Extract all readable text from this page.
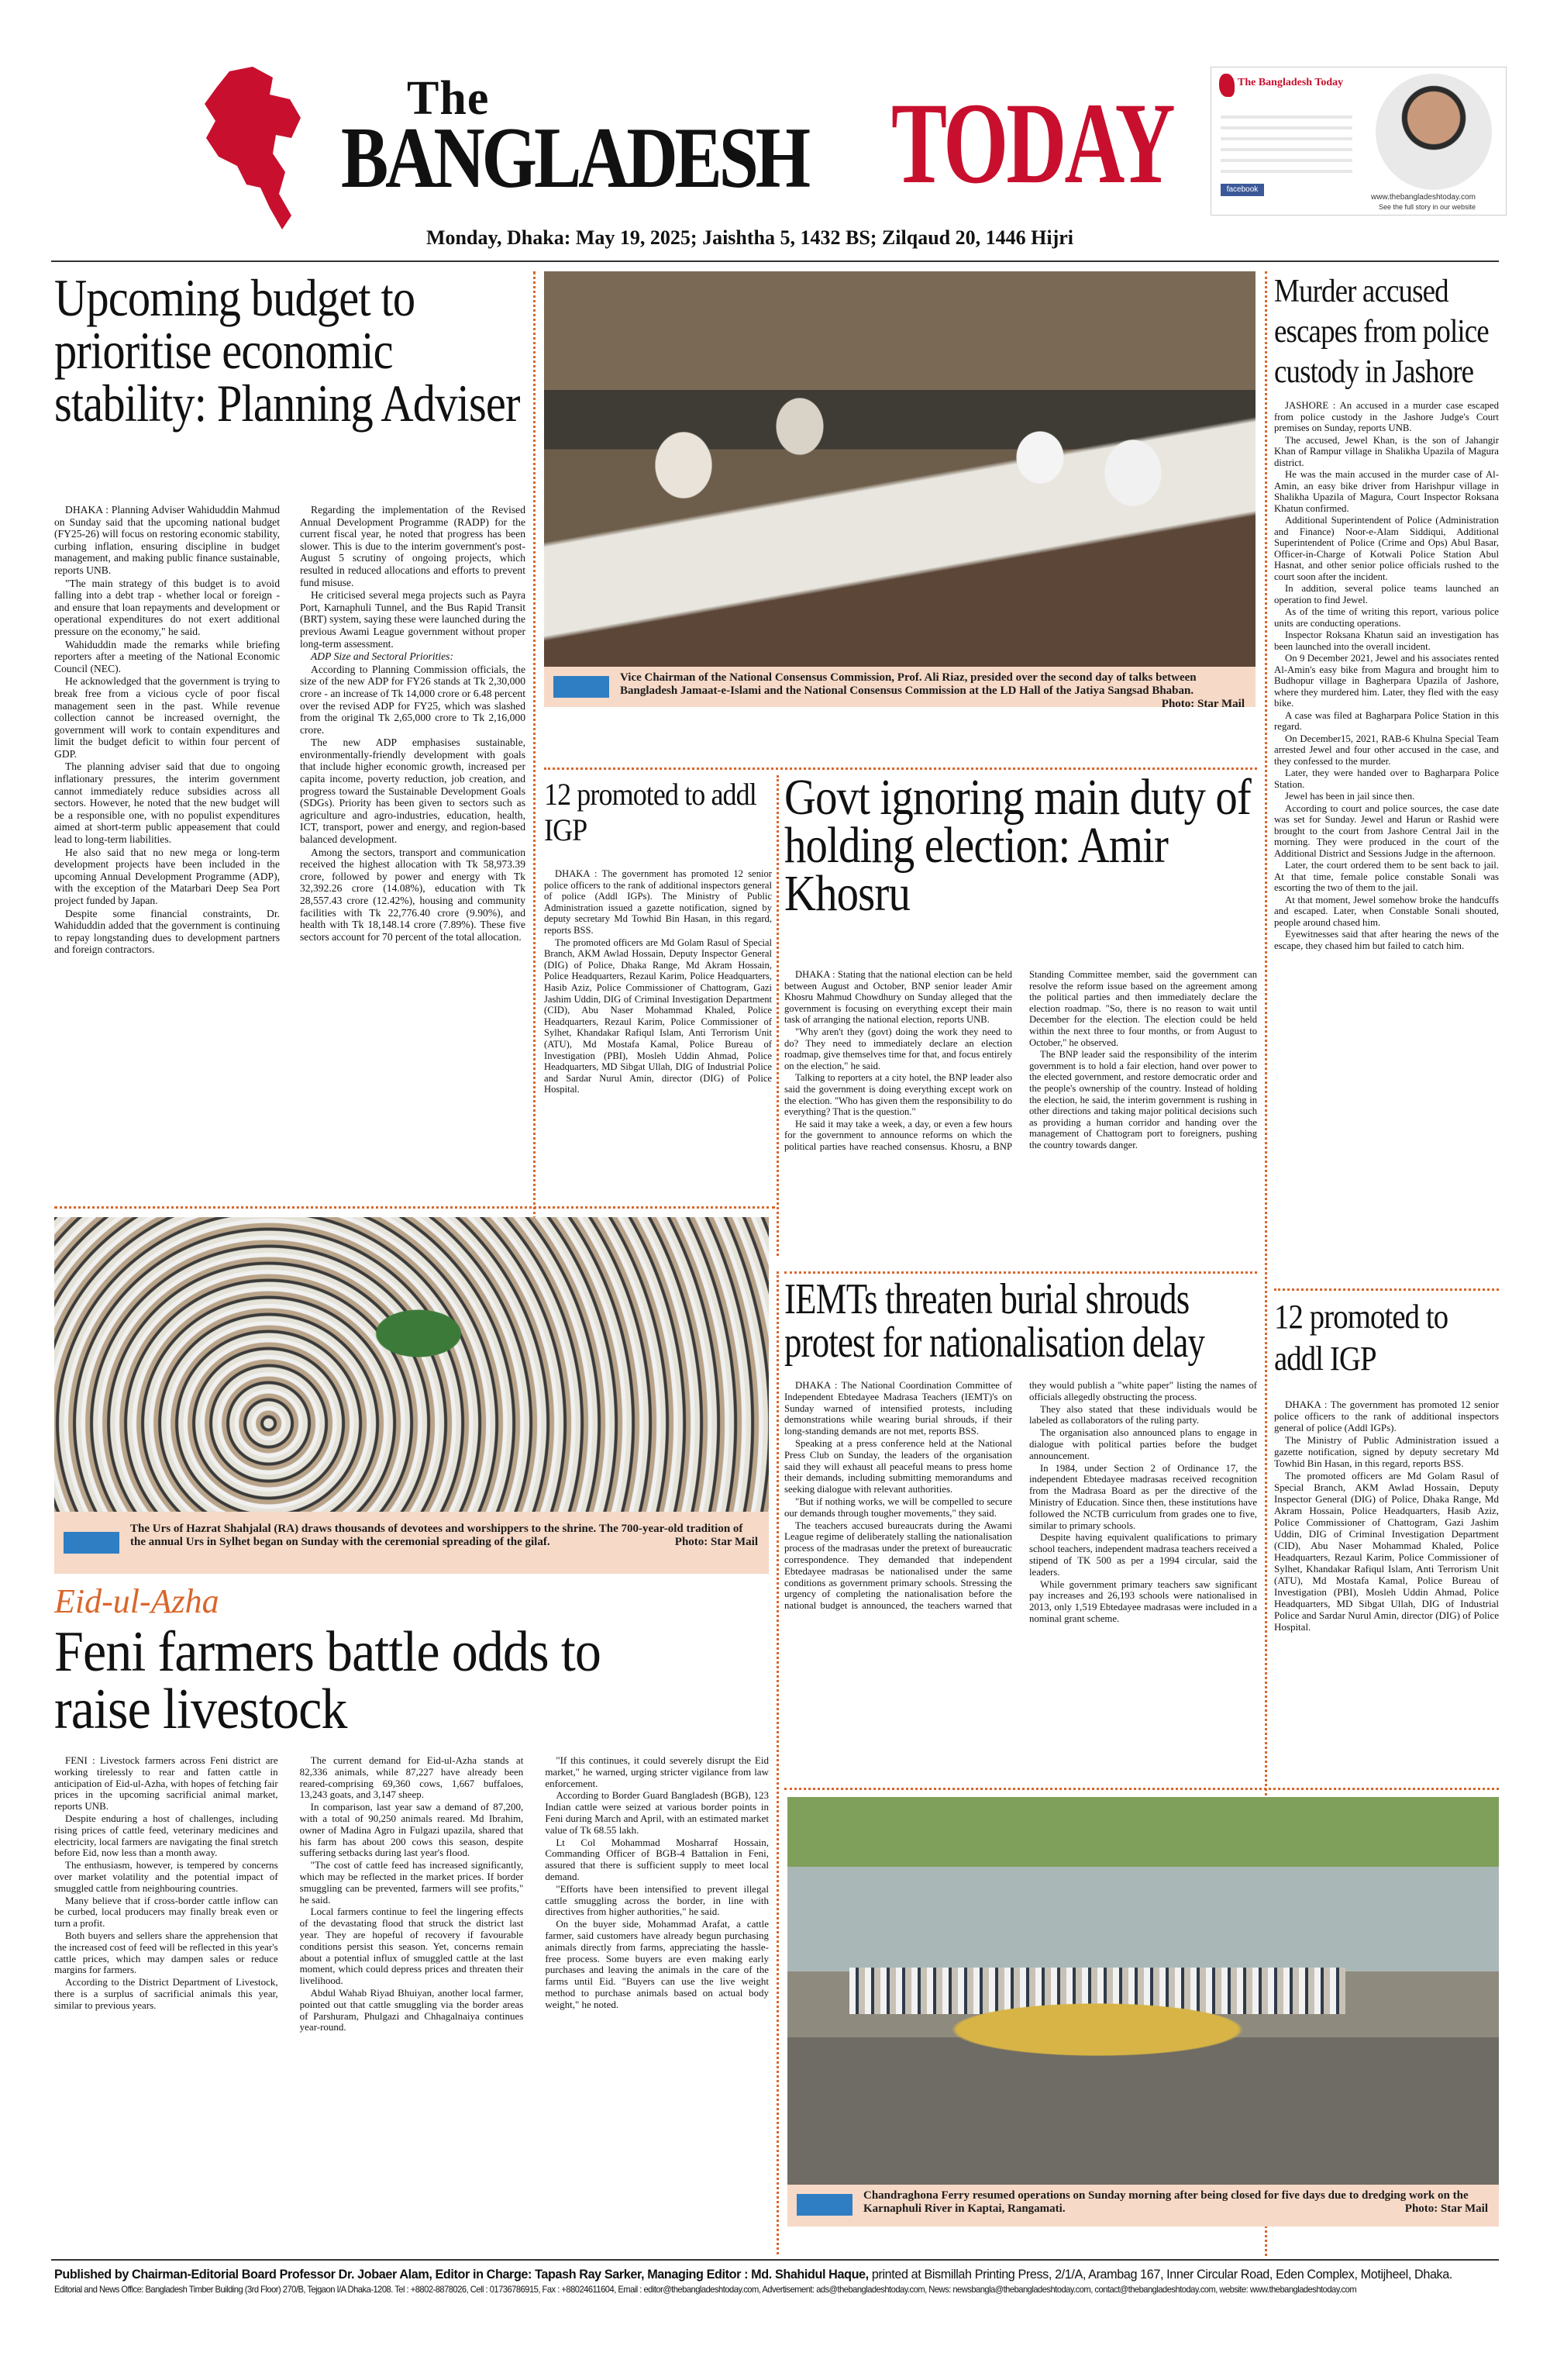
The
BANGLADESH TODAY
Monday, Dhaka: May 19, 2025; Jaishtha 5, 1432 BS; Zilqaud 20, 1446 Hijri
The Bangladesh Today
facebook
www.thebangladeshtoday.com
See the full story in our website
Upcoming budget to prioritise economic stability: Planning Adviser

DHAKA : Planning Adviser Wahiduddin Mahmud on Sunday said that the upcoming national budget (FY25-26) will focus on restoring economic stability, curbing inflation, ensuring discipline in budget management, and making public finance sustainable, reports UNB.

"The main strategy of this budget is to avoid falling into a debt trap - whether local or foreign - and ensure that loan repayments and development or operational expenditures do not exert additional pressure on the economy," he said.

Wahiduddin made the remarks while briefing reporters after a meeting of the National Economic Council (NEC).

He acknowledged that the government is trying to break free from a vicious cycle of poor fiscal management seen in the past. While revenue collection cannot be increased overnight, the government will work to contain expenditures and limit the budget deficit to within four percent of GDP.

The planning adviser said that due to ongoing inflationary pressures, the interim government cannot immediately reduce subsidies across all sectors. However, he noted that the new budget will be a responsible one, with no populist expenditures aimed at short-term public appeasement that could lead to long-term liabilities.

He also said that no new mega or long-term development projects have been included in the upcoming Annual Development Programme (ADP), with the exception of the Matarbari Deep Sea Port project funded by Japan.

Despite some financial constraints, Dr. Wahiduddin added that the government is continuing to repay longstanding dues to development partners and foreign contractors.

Regarding the implementation of the Revised Annual Development Programme (RADP) for the current fiscal year, he noted that progress has been slower. This is due to the interim government's post-August 5 scrutiny of ongoing projects, which resulted in reduced allocations and efforts to prevent fund misuse.

He criticised several mega projects such as Payra Port, Karnaphuli Tunnel, and the Bus Rapid Transit (BRT) system, saying these were launched during the previous Awami League government without proper long-term assessment.

ADP Size and Sectoral Priorities:

According to Planning Commission officials, the size of the new ADP for FY26 stands at Tk 2,30,000 crore - an increase of Tk 14,000 crore or 6.48 percent over the revised ADP for FY25, which was slashed from the original Tk 2,65,000 crore to Tk 2,16,000 crore.

The new ADP emphasises sustainable, environmentally-friendly development with goals that include higher economic growth, increased per capita income, poverty reduction, job creation, and progress toward the Sustainable Development Goals (SDGs). Priority has been given to sectors such as agriculture and agro-industries, education, health, ICT, transport, power and energy, and region-based balanced development.

Among the sectors, transport and communication received the highest allocation with Tk 58,973.39 crore, followed by power and energy with Tk 32,392.26 crore (14.08%), education with Tk 28,557.43 crore (12.42%), housing and community facilities with Tk 22,776.40 crore (9.90%), and health with Tk 18,148.14 crore (7.89%). These five sectors account for 70 percent of the total allocation.

Vice Chairman of the National Consensus Commission, Prof. Ali Riaz, presided over the second day of talks between Bangladesh Jamaat-e-Islami and the National Consensus Commission at the LD Hall of the Jatiya Sangsad Bhaban.
Photo: Star Mail
12 promoted to addl IGP

DHAKA : The government has promoted 12 senior police officers to the rank of additional inspectors general of police (Addl IGPs). The Ministry of Public Administration issued a gazette notification, signed by deputy secretary Md Towhid Bin Hasan, in this regard, reports BSS.

The promoted officers are Md Golam Rasul of Special Branch, AKM Awlad Hossain, Deputy Inspector General (DIG) of Police, Dhaka Range, Md Akram Hossain, Police Headquarters, Rezaul Karim, Police Headquarters, Hasib Aziz, Police Commissioner of Chattogram, Gazi Jashim Uddin, DIG of Criminal Investigation Department (CID), Abu Naser Mohammad Khaled, Police Headquarters, Rezaul Karim, Police Commissioner of Sylhet, Khandakar Rafiqul Islam, Anti Terrorism Unit (ATU), Md Mostafa Kamal, Police Bureau of Investigation (PBI), Mosleh Uddin Ahmad, Police Headquarters, MD Sibgat Ullah, DIG of Industrial Police and Sardar Nurul Amin, director (DIG) of Police Hospital.

Govt ignoring main duty of holding election: Amir Khosru

DHAKA : Stating that the national election can be held between August and October, BNP senior leader Amir Khosru Mahmud Chowdhury on Sunday alleged that the government is focusing on everything except their main task of arranging the national election, reports UNB.

"Why aren't they (govt) doing the work they need to do? They need to immediately declare an election roadmap, give themselves time for that, and focus entirely on the election," he said.

Talking to reporters at a city hotel, the BNP leader also said the government is doing everything except work on the election. "Who has given them the responsibility to do everything? That is the question."

He said it may take a week, a day, or even a few hours for the government to announce reforms on which the political parties have reached consensus. Khosru, a BNP Standing Committee member, said the government can resolve the reform issue based on the agreement among the political parties and then immediately declare the election roadmap. "So, there is no reason to wait until December for the election. The election could be held within the next three to four months, or from August to October," he observed.

The BNP leader said the responsibility of the interim government is to hold a fair election, hand over power to the elected government, and restore democratic order and the people's ownership of the country. Instead of holding the election, he said, the interim government is rushing in other directions and taking major political decisions such as providing a human corridor and handing over the management of Chattogram port to foreigners, pushing the country towards danger.

Murder accused escapes from police custody in Jashore

JASHORE : An accused in a murder case escaped from police custody in the Jashore Judge's Court premises on Sunday, reports UNB.

The accused, Jewel Khan, is the son of Jahangir Khan of Rampur village in Shalikha Upazila of Magura district.

He was the main accused in the murder case of Al-Amin, an easy bike driver from Harishpur village in Shalikha Upazila of Magura, Court Inspector Roksana Khatun confirmed.

Additional Superintendent of Police (Administration and Finance) Noor-e-Alam Siddiqui, Additional Superintendent of Police (Crime and Ops) Abul Basar, Officer-in-Charge of Kotwali Police Station Abul Hasnat, and other senior police officials rushed to the court soon after the incident.

In addition, several police teams launched an operation to find Jewel.

As of the time of writing this report, various police units are conducting operations.

Inspector Roksana Khatun said an investigation has been launched into the overall incident.

On 9 December 2021, Jewel and his associates rented Al-Amin's easy bike from Magura and brought him to Budhopur village in Bagherpara Upazila of Jashore, where they murdered him. Later, they fled with the easy bike.

A case was filed at Bagharpara Police Station in this regard.

On December15, 2021, RAB-6 Khulna Special Team arrested Jewel and four other accused in the case, and they confessed to the murder.

Later, they were handed over to Bagharpara Police Station.

Jewel has been in jail since then.

According to court and police sources, the case date was set for Sunday. Jewel and Harun or Rashid were brought to the court from Jashore Central Jail in the morning. They were produced in the court of the Additional District and Sessions Judge in the afternoon.

Later, the court ordered them to be sent back to jail. At that time, female police constable Sonali was escorting the two of them to the jail.

At that moment, Jewel somehow broke the handcuffs and escaped. Later, when Constable Sonali shouted, people around chased him.

Eyewitnesses said that after hearing the news of the escape, they chased him but failed to catch him.

12 promoted to addl IGP

DHAKA : The government has promoted 12 senior police officers to the rank of additional inspectors general of police (Addl IGPs).

The Ministry of Public Administration issued a gazette notification, signed by deputy secretary Md Towhid Bin Hasan, in this regard, reports BSS.

The promoted officers are Md Golam Rasul of Special Branch, AKM Awlad Hossain, Deputy Inspector General (DIG) of Police, Dhaka Range, Md Akram Hossain, Police Headquarters, Hasib Aziz, Police Commissioner of Chattogram, Gazi Jashim Uddin, DIG of Criminal Investigation Department (CID), Abu Naser Mohammad Khaled, Police Headquarters, Rezaul Karim, Police Commissioner of Sylhet, Khandakar Rafiqul Islam, Anti Terrorism Unit (ATU), Md Mostafa Kamal, Police Bureau of Investigation (PBI), Mosleh Uddin Ahmad, Police Headquarters, MD Sibgat Ullah, DIG of Industrial Police and Sardar Nurul Amin, director (DIG) of Police Hospital.

The Urs of Hazrat Shahjalal (RA) draws thousands of devotees and worshippers to the shrine. The 700-year-old tradition of the annual Urs in Sylhet began on Sunday with the ceremonial spreading of the gilaf.	Photo: Star Mail
IEMTs threaten burial shrouds protest for nationalisation delay

DHAKA : The National Coordination Committee of Independent Ebtedayee Madrasa Teachers (IEMT)'s on Sunday warned of intensified protests, including demonstrations while wearing burial shrouds, if their long-standing demands are not met, reports BSS.

Speaking at a press conference held at the National Press Club on Sunday, the leaders of the organisation said they will exhaust all peaceful means to press home their demands, including submitting memorandums and seeking dialogue with relevant authorities.

"But if nothing works, we will be compelled to secure our demands through tougher movements," they said.

The teachers accused bureaucrats during the Awami League regime of deliberately stalling the nationalisation process of the madrasas under the pretext of bureaucratic correspondence. They demanded that independent Ebtedayee madrasas be nationalised under the same conditions as government primary schools. Stressing the urgency of completing the nationalisation before the national budget is announced, the teachers warned that they would publish a "white paper" listing the names of officials allegedly obstructing the process.

They also stated that these individuals would be labeled as collaborators of the ruling party.

The organisation also announced plans to engage in dialogue with political parties before the budget announcement.

In 1984, under Section 2 of Ordinance 17, the independent Ebtedayee madrasas received recognition from the Madrasa Board as per the directive of the Ministry of Education. Since then, these institutions have followed the NCTB curriculum from grades one to five, similar to primary schools.

Despite having equivalent qualifications to primary school teachers, independent madrasa teachers received a stipend of TK 500 as per a 1994 circular, said the leaders.

While government primary teachers saw significant pay increases and 26,193 schools were nationalised in 2013, only 1,519 Ebtedayee madrasas were included in a nominal grant scheme.

Eid-ul-Azha
Feni farmers battle odds to raise livestock

FENI : Livestock farmers across Feni district are working tirelessly to rear and fatten cattle in anticipation of Eid-ul-Azha, with hopes of fetching fair prices in the upcoming sacrificial animal market, reports UNB.

Despite enduring a host of challenges, including rising prices of cattle feed, veterinary medicines and electricity, local farmers are navigating the final stretch before Eid, now less than a month away.

The enthusiasm, however, is tempered by concerns over market volatility and the potential impact of smuggled cattle from neighbouring countries.

Many believe that if cross-border cattle inflow can be curbed, local producers may finally break even or turn a profit.

Both buyers and sellers share the apprehension that the increased cost of feed will be reflected in this year's cattle prices, which may dampen sales or reduce margins for farmers.

According to the District Department of Livestock, there is a surplus of sacrificial animals this year, similar to previous years.

The current demand for Eid-ul-Azha stands at 82,336 animals, while 87,227 have already been reared-comprising 69,360 cows, 1,667 buffaloes, 13,243 goats, and 3,147 sheep.

In comparison, last year saw a demand of 87,200, with a total of 90,250 animals reared. Md Ibrahim, owner of Madina Agro in Fulgazi upazila, shared that his farm has about 200 cows this season, despite suffering setbacks during last year's flood.

"The cost of cattle feed has increased significantly, which may be reflected in the market prices. If border smuggling can be prevented, farmers will see profits," he said.

Local farmers continue to feel the lingering effects of the devastating flood that struck the district last year. They are hopeful of recovery if favourable conditions persist this season. Yet, concerns remain about a potential influx of smuggled cattle at the last moment, which could depress prices and threaten their livelihood.

Abdul Wahab Riyad Bhuiyan, another local farmer, pointed out that cattle smuggling via the border areas of Parshuram, Phulgazi and Chhagalnaiya continues year-round.

"If this continues, it could severely disrupt the Eid market," he warned, urging stricter vigilance from law enforcement.

According to Border Guard Bangladesh (BGB), 123 Indian cattle were seized at various border points in Feni during March and April, with an estimated market value of Tk 68.55 lakh.

Lt Col Mohammad Mosharraf Hossain, Commanding Officer of BGB-4 Battalion in Feni, assured that there is sufficient supply to meet local demand.

"Efforts have been intensified to prevent illegal cattle smuggling across the border, in line with directives from higher authorities," he said.

On the buyer side, Mohammad Arafat, a cattle farmer, said customers have already begun purchasing animals directly from farms, appreciating the hassle-free process. Some buyers are even making early purchases and leaving the animals in the care of the farms until Eid. "Buyers can use the live weight method to purchase animals based on actual body weight," he noted.

Chandraghona Ferry resumed operations on Sunday morning after being closed for five days due to dredging work on the Karnaphuli River in Kaptai, Rangamati.	Photo: Star Mail
Published by Chairman-Editorial Board Professor Dr. Jobaer Alam, Editor in Charge: Tapash Ray Sarker, Managing Editor : Md. Shahidul Haque, printed at Bismillah Printing Press, 2/1/A, Arambag 167, Inner Circular Road, Eden Complex, Motijheel, Dhaka.
Editorial and News Office: Bangladesh Timber Building (3rd Floor) 270/B, Tejgaon I/A Dhaka-1208. Tel : +8802-8878026, Cell : 01736786915, Fax : +88024611604, Email : editor@thebangladeshtoday.com, Advertisement: ads@thebangladeshtoday.com, News: newsbangla@thebangladeshtoday.com, contact@thebangladeshtoday.com, website: www.thebangladeshtoday.com
